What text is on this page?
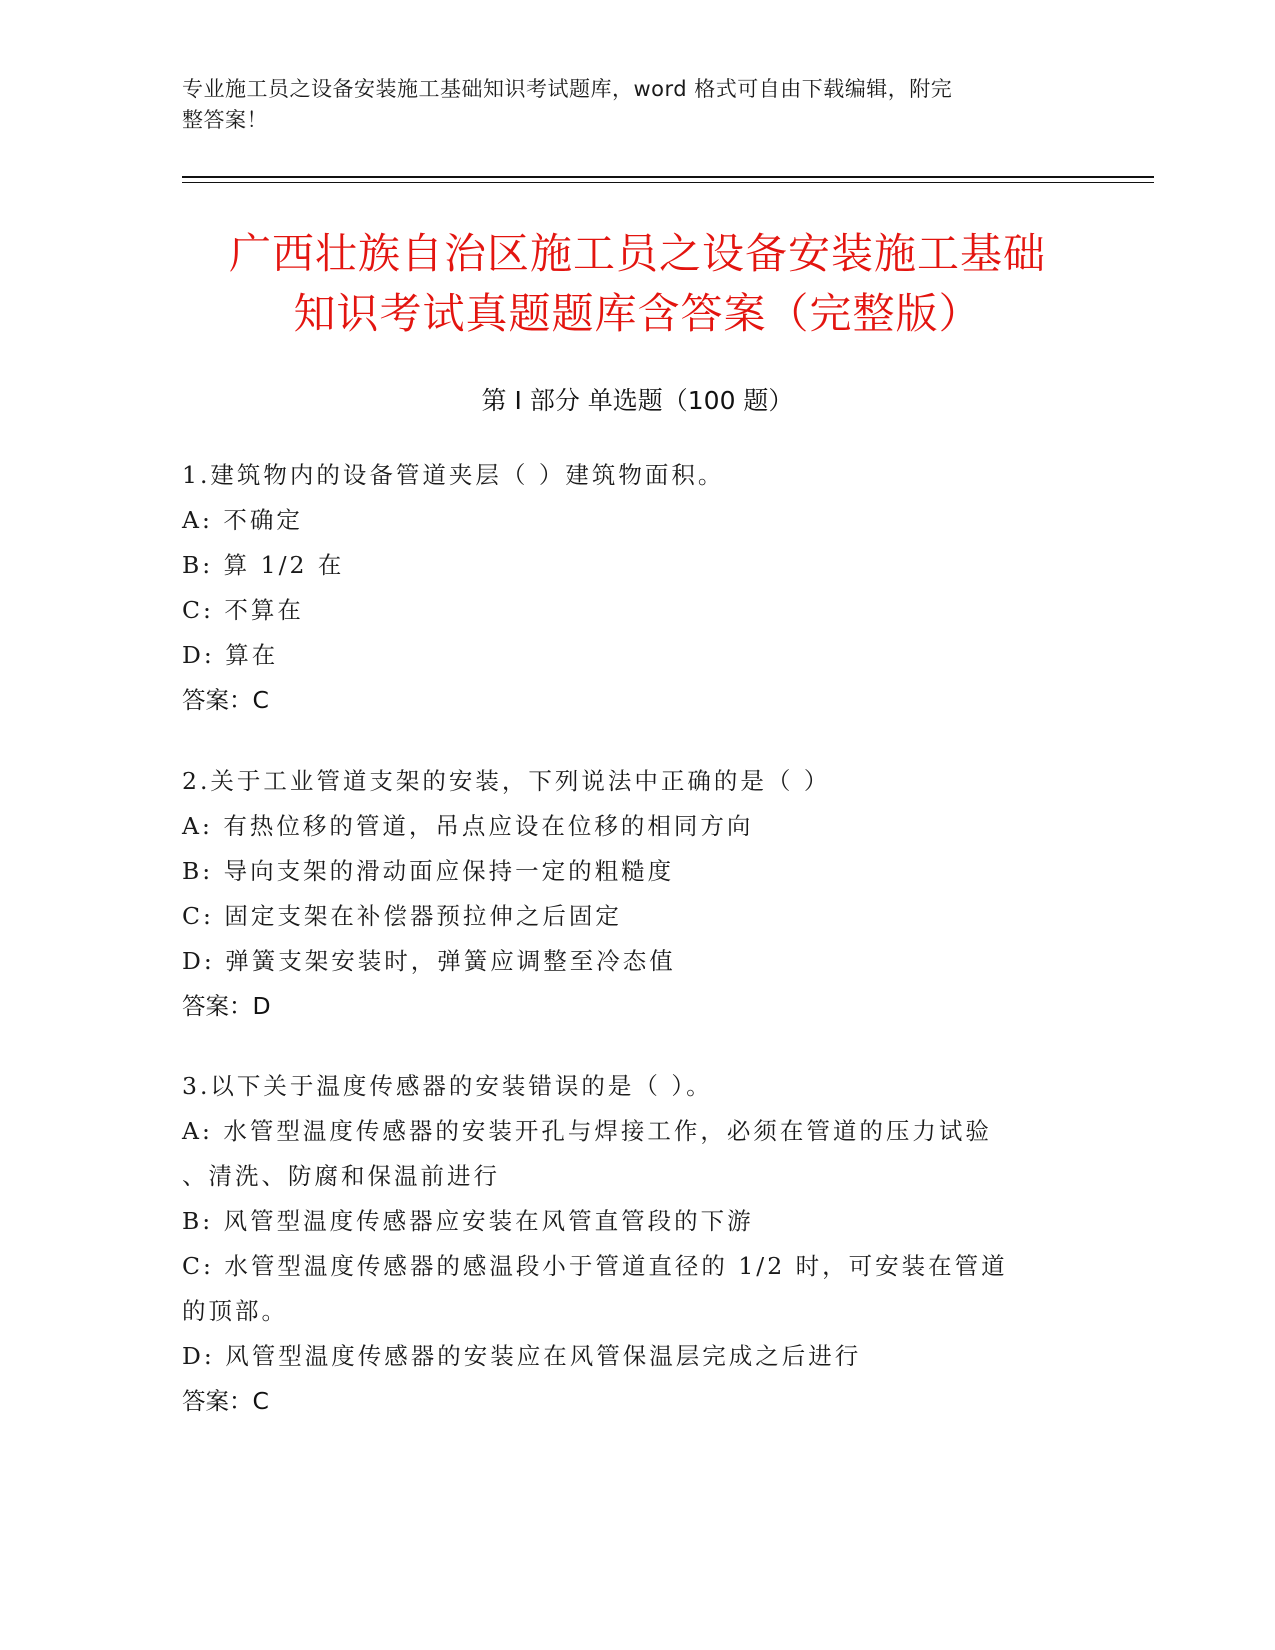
专业施工员之设备安装施工基础知识考试题库，word 格式可自由下载编辑，附完
整答案！
广西壮族自治区施工员之设备安装施工基础
知识考试真题题库含答案（完整版）
第 I 部分 单选题（100 题）
1.建筑物内的设备管道夹层（ ）建筑物面积。
A: 不确定
B: 算 1/2 在
C: 不算在
D: 算在
答案：C
2.关于工业管道支架的安装，下列说法中正确的是（ ）
A: 有热位移的管道，吊点应设在位移的相同方向
B: 导向支架的滑动面应保持一定的粗糙度
C: 固定支架在补偿器预拉伸之后固定
D: 弹簧支架安装时，弹簧应调整至冷态值
答案：D
3.以下关于温度传感器的安装错误的是（ ）。
A: 水管型温度传感器的安装开孔与焊接工作，必须在管道的压力试验
、清洗、防腐和保温前进行
B: 风管型温度传感器应安装在风管直管段的下游
C: 水管型温度传感器的感温段小于管道直径的 1/2 时，可安装在管道
的顶部。
D: 风管型温度传感器的安装应在风管保温层完成之后进行
答案：C
